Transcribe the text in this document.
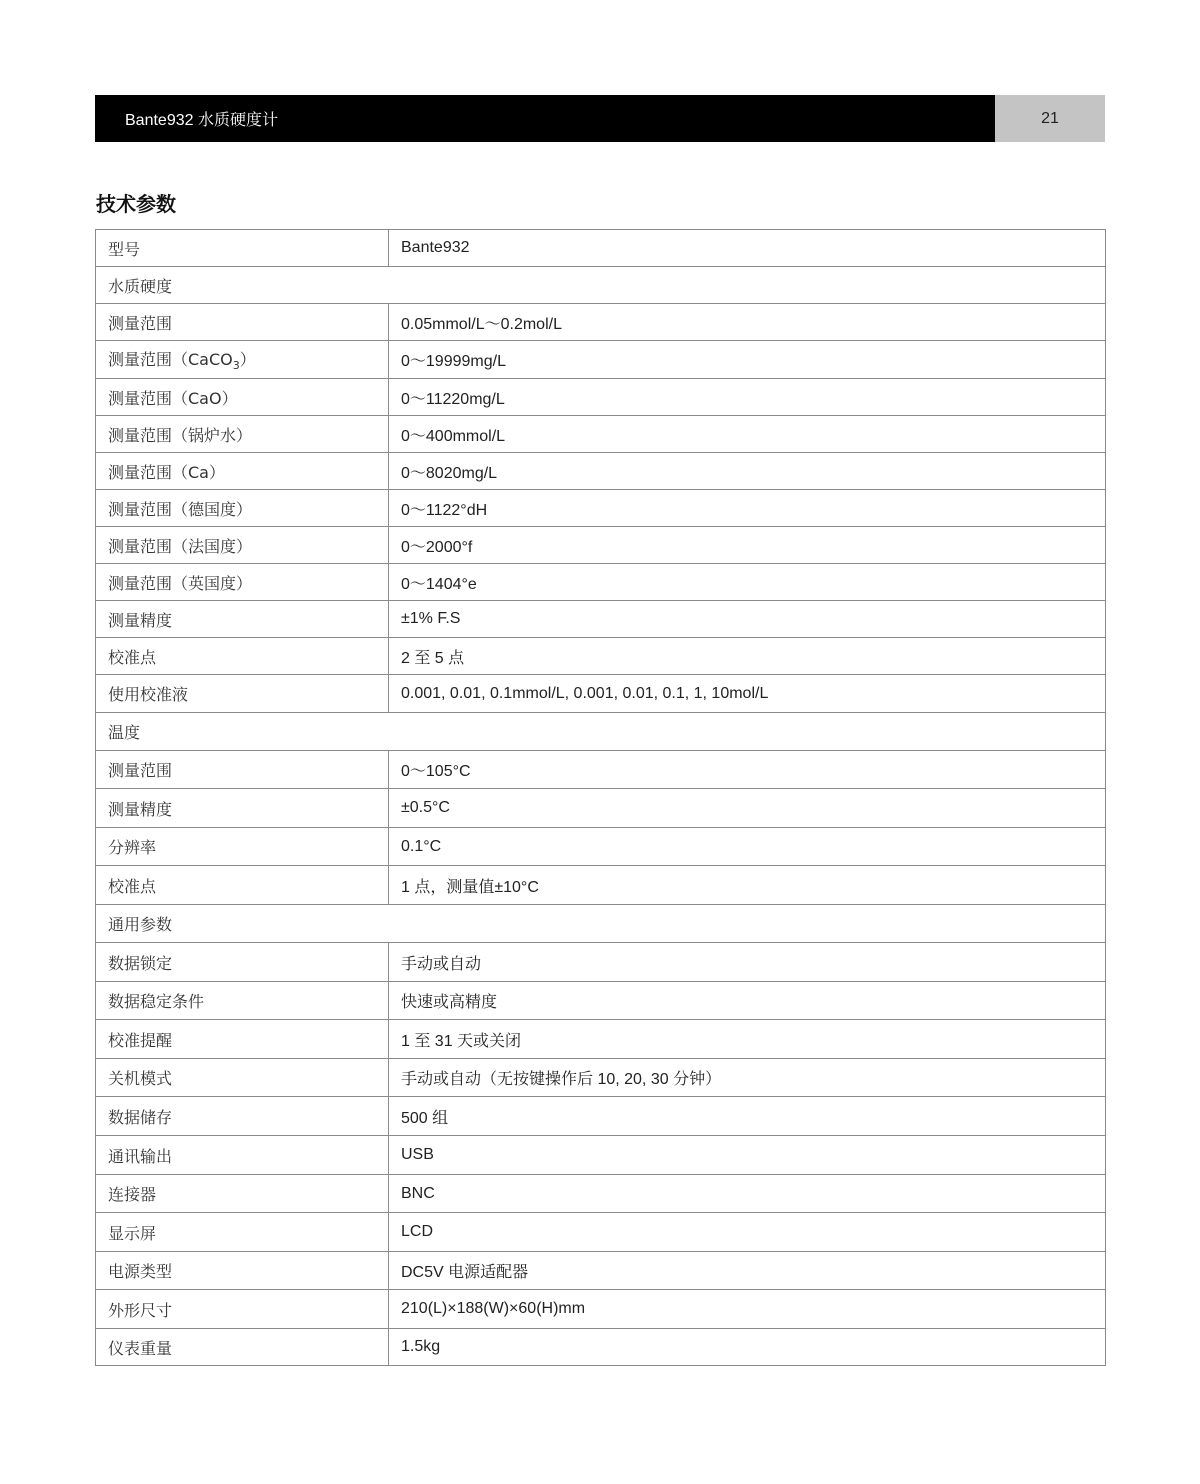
Bante932 水质硬度计	21
技术参数
型号	Bante932
水质硬度	
测量范围	0.05mmol/L～0.2mol/L
测量范围（CaCO$_3$）	0～19999mg/L
测量范围（CaO）	0～11220mg/L
测量范围（锅炉水）	0～400mmol/L
测量范围（Ca）	0～8020mg/L
测量范围（德国度）	0～1122°dH
测量范围（法国度）	0～2000°f
测量范围（英国度）	0～1404°e
测量精度	±1% F.S
校准点	2 至 5 点
使用校准液	0.001, 0.01, 0.1mmol/L, 0.001, 0.01, 0.1, 1, 10mol/L
温度	
测量范围	0～105°C
测量精度	±0.5°C
分辨率	0.1°C
校准点	1 点，测量值±10°C
通用参数	
数据锁定	手动或自动
数据稳定条件	快速或高精度
校准提醒	1 至 31 天或关闭
关机模式	手动或自动（无按键操作后 10, 20, 30 分钟）
数据储存	500 组
通讯输出	USB
连接器	BNC
显示屏	LCD
电源类型	DC5V 电源适配器
外形尺寸	210(L)×188(W)×60(H)mm
仪表重量	1.5kg
